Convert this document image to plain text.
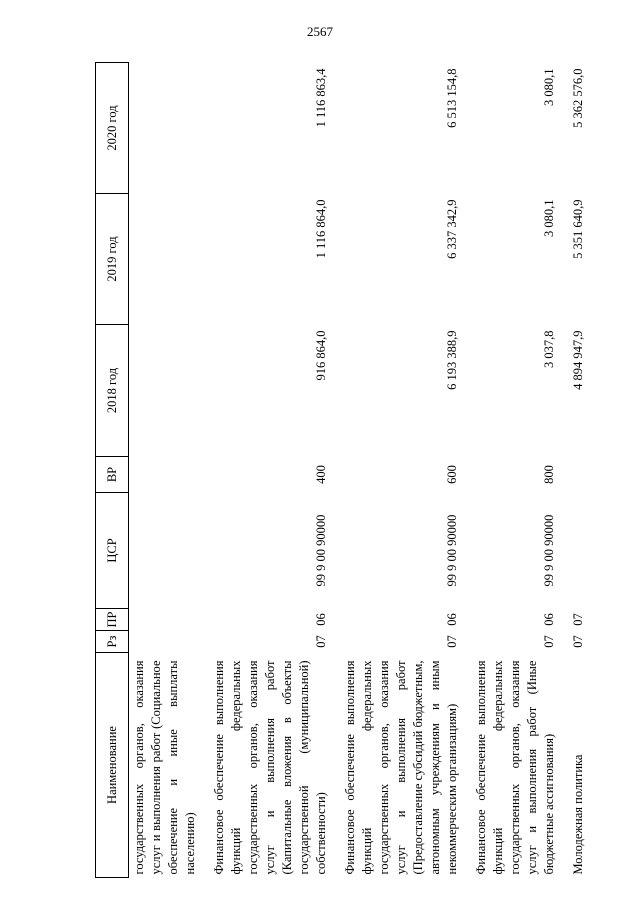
2567
Наименование	Рз	ПР	ЦСР	ВР	2018 год	2019 год	2020 год
государственных органов, оказания услуг и выполнения работ (Социальное обеспечение и иные выплаты населению)							
Финансовое обеспечение выполнения функций федеральных государственных органов, оказания услуг и выполнения работ (Капитальные вложения в объекты государственной (муниципальной) собственности)	07	06	99 9 00 90000	400	916 864,0	1 116 864,0	1 116 863,4
Финансовое обеспечение выполнения функций федеральных государственных органов, оказания услуг и выполнения работ (Предоставление субсидий бюджетным, автономным учреждениям и иным некоммерческим организациям)	07	06	99 9 00 90000	600	6 193 388,9	6 337 342,9	6 513 154,8
Финансовое обеспечение выполнения функций федеральных государственных органов, оказания услуг и выполнения работ (Иные бюджетные ассигнования)	07	06	99 9 00 90000	800	3 037,8	3 080,1	3 080,1
Молодежная политика	07	07			4 894 947,9	5 351 640,9	5 362 576,0
